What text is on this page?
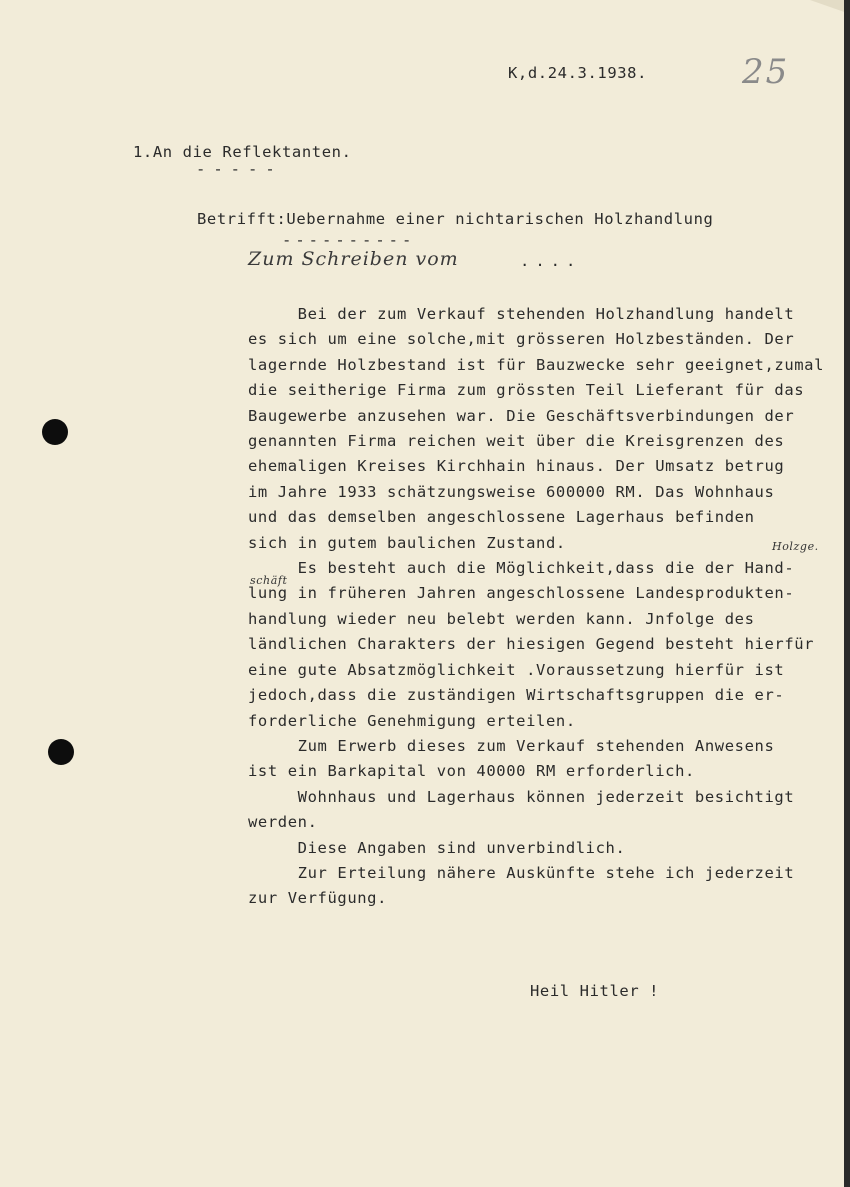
K,d.24.3.1938.	25
1.An die Reflektanten.
-----
Betrifft:Uebernahme einer nichtarischen Holzhandlung
----------
Zum Schreiben vom	....
Bei der zum Verkauf stehenden Holzhandlung handelt
es sich um eine solche,mit grösseren Holzbeständen. Der
lagernde Holzbestand ist für Bauzwecke sehr geeignet,zumal
die seitherige Firma zum grössten Teil Lieferant für das
Baugewerbe anzusehen war. Die Geschäftsverbindungen der
genannten Firma reichen weit über die Kreisgrenzen des
ehemaligen Kreises Kirchhain hinaus. Der Umsatz betrug
im Jahre 1933 schätzungsweise 600000 RM. Das Wohnhaus
und das demselben angeschlossene Lagerhaus befinden
sich in gutem baulichen Zustand.
Es besteht auch die Möglichkeit,dass die der Hand-
lung in früheren Jahren angeschlossene Landesprodukten-
handlung wieder neu belebt werden kann. Jnfolge des
ländlichen Charakters der hiesigen Gegend besteht hierfür
eine gute Absatzmöglichkeit .Voraussetzung hierfür ist
jedoch,dass die zuständigen Wirtschaftsgruppen die er-
forderliche Genehmigung erteilen.
Zum Erwerb dieses zum Verkauf stehenden Anwesens
ist ein Barkapital von 40000 RM erforderlich.
Wohnhaus und Lagerhaus können jederzeit besichtigt
werden.
Diese Angaben sind unverbindlich.
Zur Erteilung nähere Auskünfte stehe ich jederzeit
zur Verfügung.
Holzge.
schäft
Heil Hitler !
